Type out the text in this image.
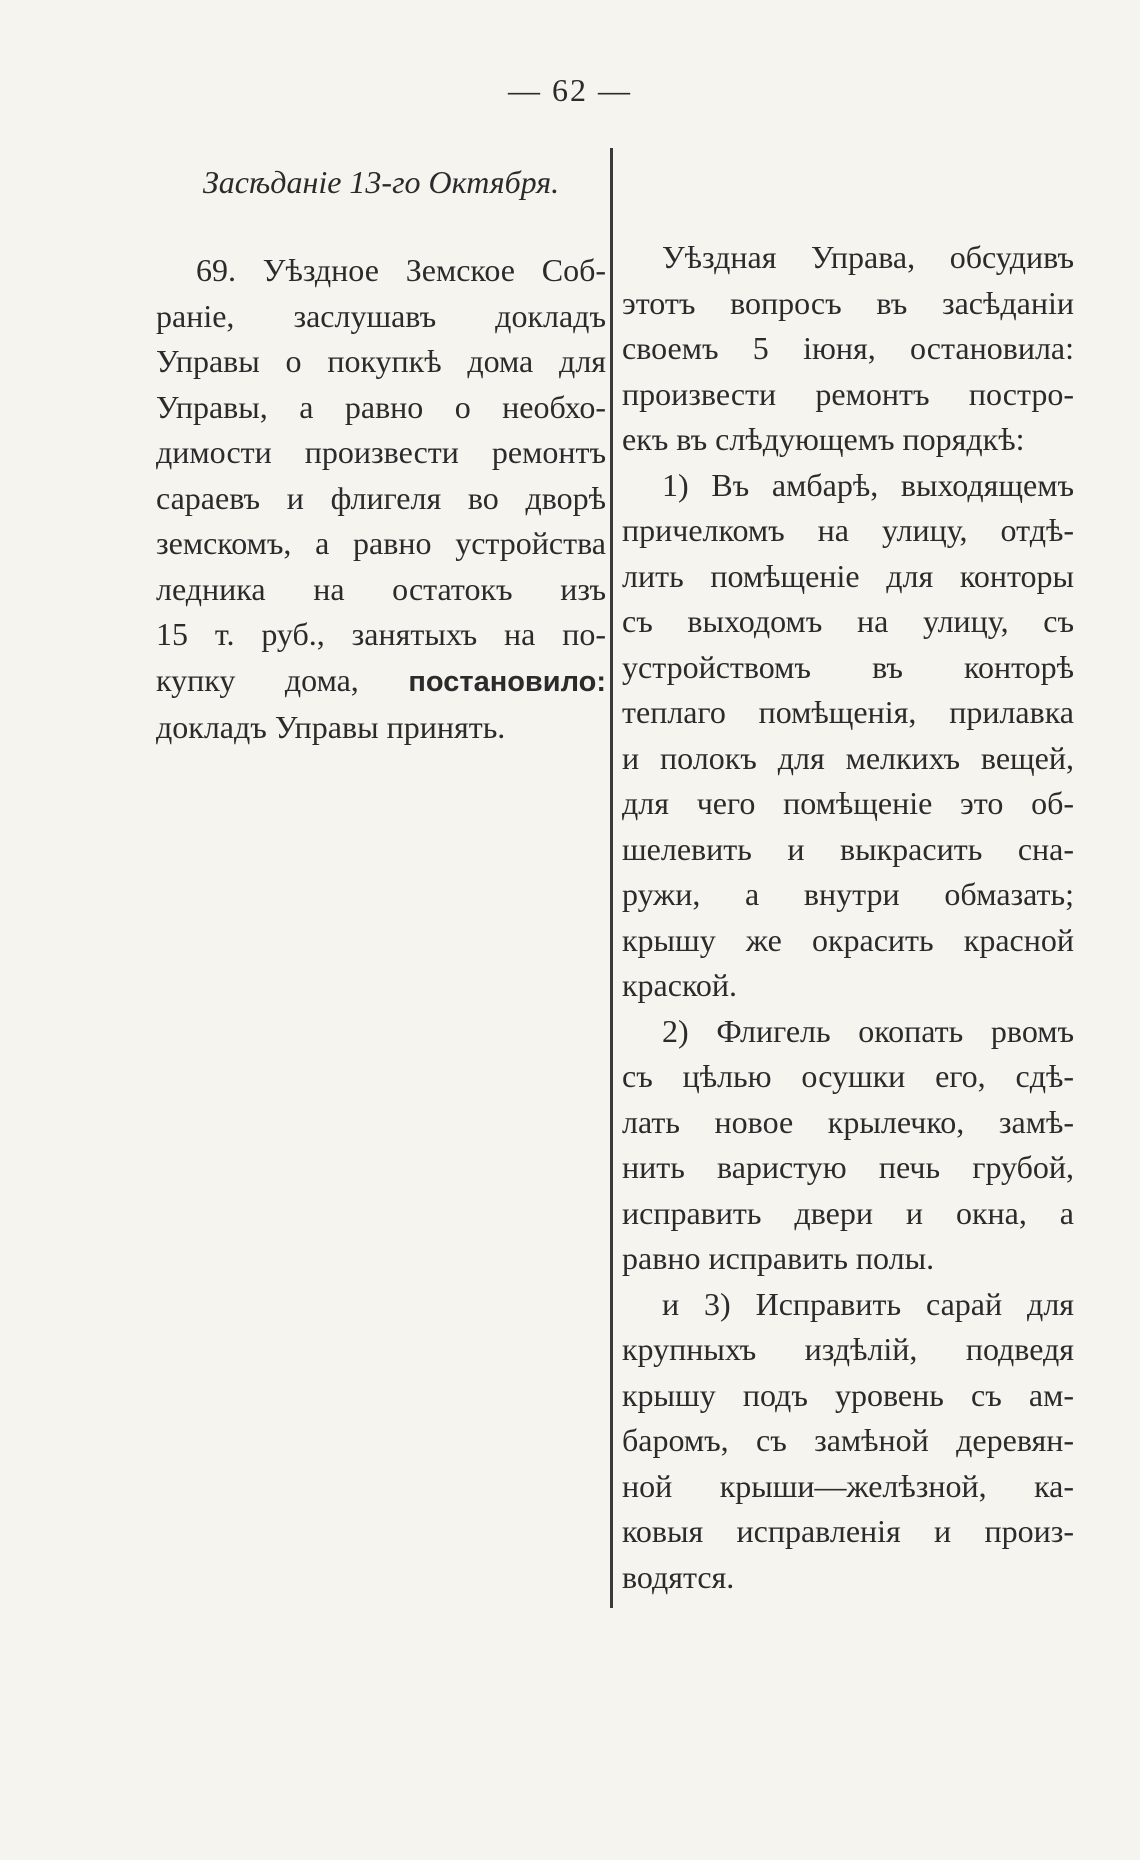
— 62 —
Засѣданіе 13-го Октября.
69. Уѣздное Земское Соб-
раніе, заслушавъ докладъ
Управы о покупкѣ дома для
Управы, а равно о необхо-
димости произвести ремонтъ
сараевъ и флигеля во дворѣ
земскомъ, а равно устройства
ледника на остатокъ изъ
15 т. руб., занятыхъ на по-
купку дома, постановило:
докладъ Управы принять.
Уѣздная Управа, обсудивъ
этотъ вопросъ въ засѣданіи
своемъ 5 іюня, остановила:
произвести ремонтъ постро-
екъ въ слѣдующемъ порядкѣ:
1) Въ амбарѣ, выходящемъ
причелкомъ на улицу, отдѣ-
лить помѣщеніе для конторы
съ выходомъ на улицу, съ
устройствомъ въ конторѣ
теплаго помѣщенія, прилавка
и полокъ для мелкихъ вещей,
для чего помѣщеніе это об-
шелевить и выкрасить сна-
ружи, а внутри обмазать;
крышу же окрасить красной
краской.
2) Флигель окопать рвомъ
съ цѣлью осушки его, сдѣ-
лать новое крылечко, замѣ-
нить варистую печь грубой,
исправить двери и окна, а
равно исправить полы.
и 3) Исправить сарай для
крупныхъ издѣлій, подведя
крышу подъ уровень съ ам-
баромъ, съ замѣной деревян-
ной крыши—желѣзной, ка-
ковыя исправленія и произ-
водятся.
